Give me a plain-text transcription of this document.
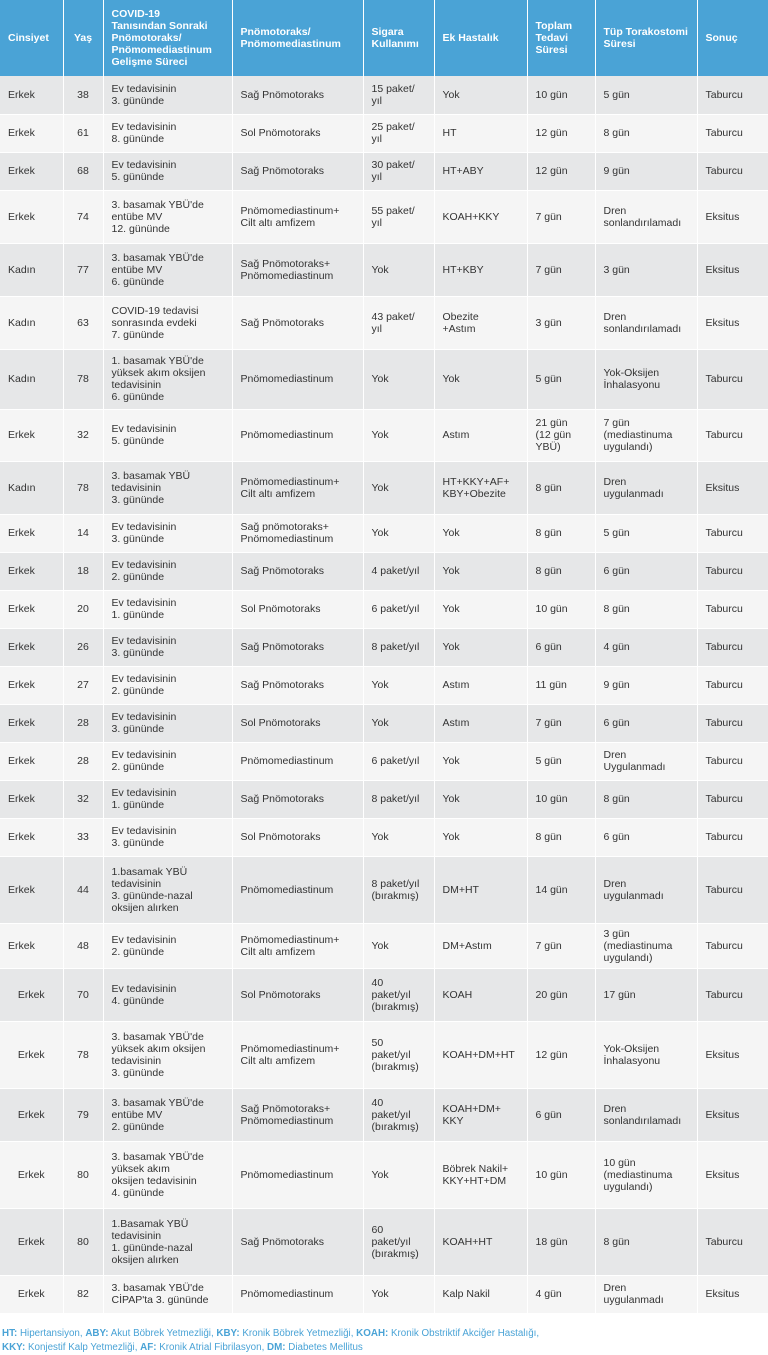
Cinsiyet	Yaş	COVID-19
Tanısından Sonraki
Pnömotoraks/
Pnömomediastinum
Gelişme Süreci	Pnömotoraks/
Pnömomediastinum	Sigara
Kullanımı	Ek Hastalık	Toplam
Tedavi
Süresi	Tüp Torakostomi
Süresi	Sonuç
Erkek	38	Ev tedavisinin
3. gününde	Sağ Pnömotoraks	15 paket/
yıl	Yok	10 gün	5 gün	Taburcu
Erkek	61	Ev tedavisinin
8. gününde	Sol Pnömotoraks	25 paket/
yıl	HT	12 gün	8 gün	Taburcu
Erkek	68	Ev tedavisinin
5. gününde	Sağ Pnömotoraks	30 paket/
yıl	HT+ABY	12 gün	9 gün	Taburcu
Erkek	74	3. basamak YBÜ'de
entübe MV
12. gününde	Pnömomediastinum+
Cilt altı amfizem	55 paket/
yıl	KOAH+KKY	7 gün	Dren
sonlandırılamadı	Eksitus
Kadın	77	3. basamak YBÜ'de
entübe MV
6. gününde	Sağ Pnömotoraks+
Pnömomediastinum	Yok	HT+KBY	7 gün	3 gün	Eksitus
Kadın	63	COVID-19 tedavisi
sonrasında evdeki
7. gününde	Sağ Pnömotoraks	43 paket/
yıl	Obezite
+Astım	3 gün	Dren
sonlandırılamadı	Eksitus
Kadın	78	1. basamak YBÜ'de
yüksek akım oksijen
tedavisinin
6. gününde	Pnömomediastinum	Yok	Yok	5 gün	Yok-Oksijen
İnhalasyonu	Taburcu
Erkek	32	Ev tedavisinin
5. gününde	Pnömomediastinum	Yok	Astım	21 gün
(12 gün
YBÜ)	7 gün
(mediastinuma
uygulandı)	Taburcu
Kadın	78	3. basamak YBÜ
tedavisinin
3. gününde	Pnömomediastinum+
Cilt altı amfizem	Yok	HT+KKY+AF+
KBY+Obezite	8 gün	Dren
uygulanmadı	Eksitus
Erkek	14	Ev tedavisinin
3. gününde	Sağ pnömotoraks+
Pnömomediastinum	Yok	Yok	8 gün	5 gün	Taburcu
Erkek	18	Ev tedavisinin
2. gününde	Sağ Pnömotoraks	4 paket/yıl	Yok	8 gün	6 gün	Taburcu
Erkek	20	Ev tedavisinin
1. gününde	Sol Pnömotoraks	6 paket/yıl	Yok	10 gün	8 gün	Taburcu
Erkek	26	Ev tedavisinin
3. gününde	Sağ Pnömotoraks	8 paket/yıl	Yok	6 gün	4 gün	Taburcu
Erkek	27	Ev tedavisinin
2. gününde	Sağ Pnömotoraks	Yok	Astım	11 gün	9 gün	Taburcu
Erkek	28	Ev tedavisinin
3. gününde	Sol Pnömotoraks	Yok	Astım	7 gün	6 gün	Taburcu
Erkek	28	Ev tedavisinin
2. gününde	Pnömomediastinum	6 paket/yıl	Yok	5 gün	Dren
Uygulanmadı	Taburcu
Erkek	32	Ev tedavisinin
1. gününde	Sağ Pnömotoraks	8 paket/yıl	Yok	10 gün	8 gün	Taburcu
Erkek	33	Ev tedavisinin
3. gününde	Sol Pnömotoraks	Yok	Yok	8 gün	6 gün	Taburcu
Erkek	44	1.basamak YBÜ
tedavisinin
3. gününde-nazal
oksijen alırken	Pnömomediastinum	8 paket/yıl
(bırakmış)	DM+HT	14 gün	Dren
uygulanmadı	Taburcu
Erkek	48	Ev tedavisinin
2. gününde	Pnömomediastinum+
Cilt altı amfizem	Yok	DM+Astım	7 gün	3 gün
(mediastinuma
uygulandı)	Taburcu
Erkek	70	Ev tedavisinin
4. gününde	Sol Pnömotoraks	40
paket/yıl
(bırakmış)	KOAH	20 gün	17 gün	Taburcu
Erkek	78	3. basamak YBÜ'de
yüksek akım oksijen
tedavisinin
3. gününde	Pnömomediastinum+
Cilt altı amfizem	50
paket/yıl
(bırakmış)	KOAH+DM+HT	12 gün	Yok-Oksijen
İnhalasyonu	Eksitus
Erkek	79	3. basamak YBÜ'de
entübe MV
2. gününde	Sağ Pnömotoraks+
Pnömomediastinum	40
paket/yıl
(bırakmış)	KOAH+DM+
KKY	6 gün	Dren
sonlandırılamadı	Eksitus
Erkek	80	3. basamak YBÜ'de
yüksek akım
oksijen tedavisinin
4. gününde	Pnömomediastinum	Yok	Böbrek Nakil+
KKY+HT+DM	10 gün	10 gün
(mediastinuma
uygulandı)	Eksitus
Erkek	80	1.Basamak YBÜ
tedavisinin
1. gününde-nazal
oksijen alırken	Sağ Pnömotoraks	60
paket/yıl
(bırakmış)	KOAH+HT	18 gün	8 gün	Taburcu
Erkek	82	3. basamak YBÜ'de
CİPAP'ta 3. gününde	Pnömomediastinum	Yok	Kalp Nakil	4 gün	Dren
uygulanmadı	Eksitus
HT: Hipertansiyon, ABY: Akut Böbrek Yetmezliği, KBY: Kronik Böbrek Yetmezliği, KOAH: Kronik Obstriktif Akciğer Hastalığı,
KKY: Konjestif Kalp Yetmezliği, AF: Kronik Atrial Fibrilasyon, DM: Diabetes Mellitus
